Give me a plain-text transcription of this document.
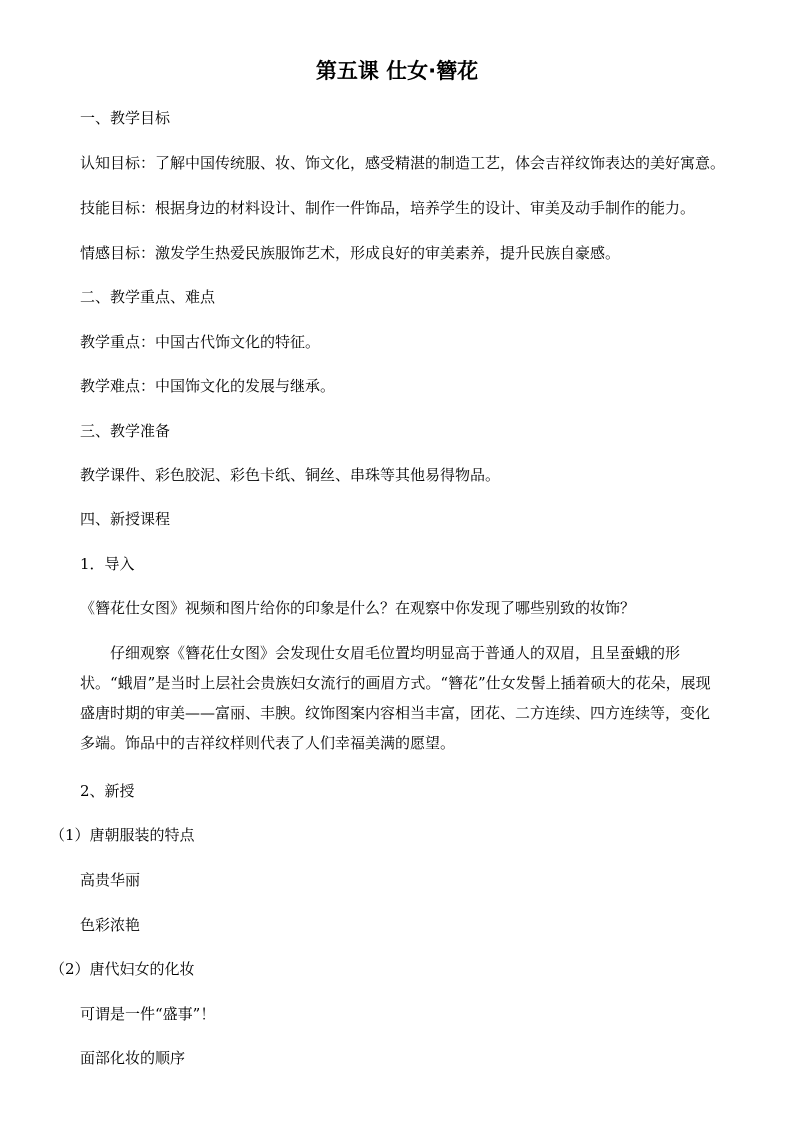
第五课 仕女·簪花
一、教学目标
认知目标：了解中国传统服、妆、饰文化，感受精湛的制造工艺，体会吉祥纹饰表达的美好寓意。
技能目标：根据身边的材料设计、制作一件饰品，培养学生的设计、审美及动手制作的能力。
情感目标：激发学生热爱民族服饰艺术，形成良好的审美素养，提升民族自豪感。
二、教学重点、难点
教学重点：中国古代饰文化的特征。
教学难点：中国饰文化的发展与继承。
三、教学准备
教学课件、彩色胶泥、彩色卡纸、铜丝、串珠等其他易得物品。
四、新授课程
1．导入
《簪花仕女图》视频和图片给你的印象是什么？在观察中你发现了哪些别致的妆饰？
仔细观察《簪花仕女图》会发现仕女眉毛位置均明显高于普通人的双眉，且呈蚕蛾的形状。“蛾眉”是当时上层社会贵族妇女流行的画眉方式。“簪花”仕女发髻上插着硕大的花朵，展现盛唐时期的审美——富丽、丰腴。纹饰图案内容相当丰富，团花、二方连续、四方连续等，变化多端。饰品中的吉祥纹样则代表了人们幸福美满的愿望。
2、新授
（1）唐朝服装的特点
高贵华丽
色彩浓艳
（2）唐代妇女的化妆
可谓是一件“盛事”！
面部化妆的顺序
